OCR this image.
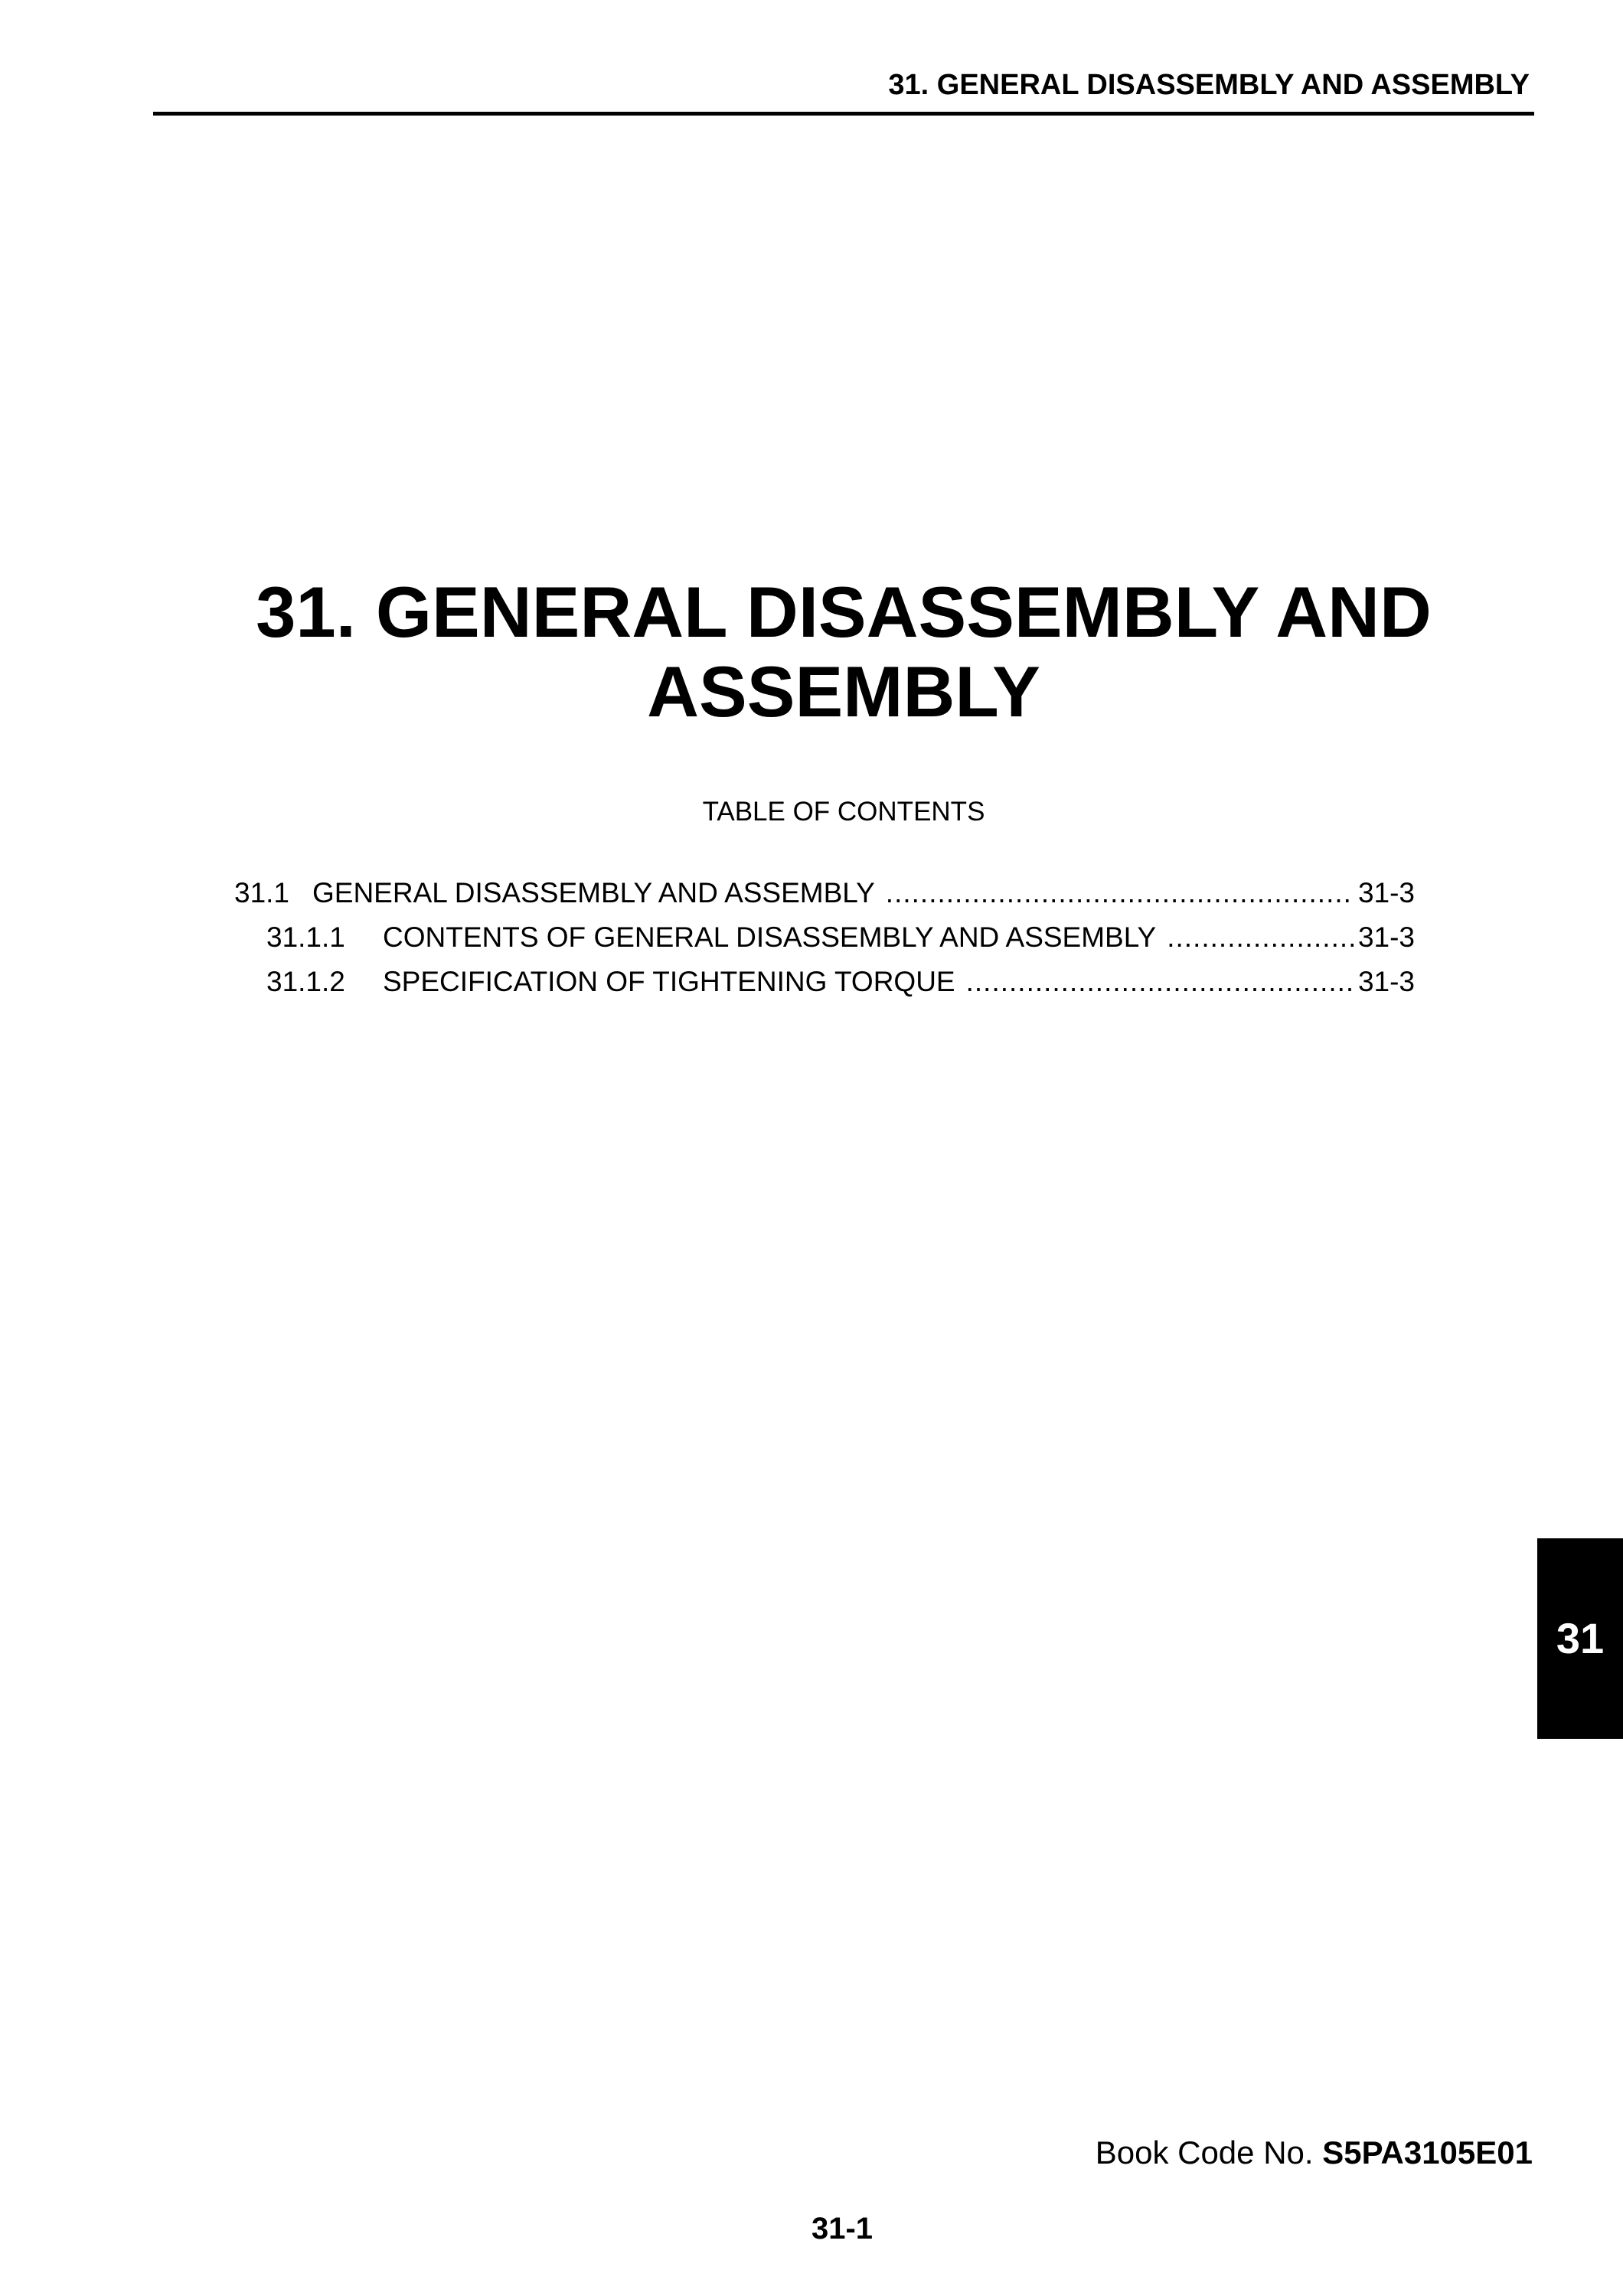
31. GENERAL DISASSEMBLY AND ASSEMBLY
31. GENERAL DISASSEMBLY AND
ASSEMBLY
TABLE OF CONTENTS
31.1 GENERAL DISASSEMBLY AND ASSEMBLY .....	31-3
31.1.1	CONTENTS OF GENERAL DISASSEMBLY AND ASSEMBLY .....	31-3
31.1.2	SPECIFICATION OF TIGHTENING TORQUE .....	31-3
31
Book Code No. S5PA3105E01
31-1
